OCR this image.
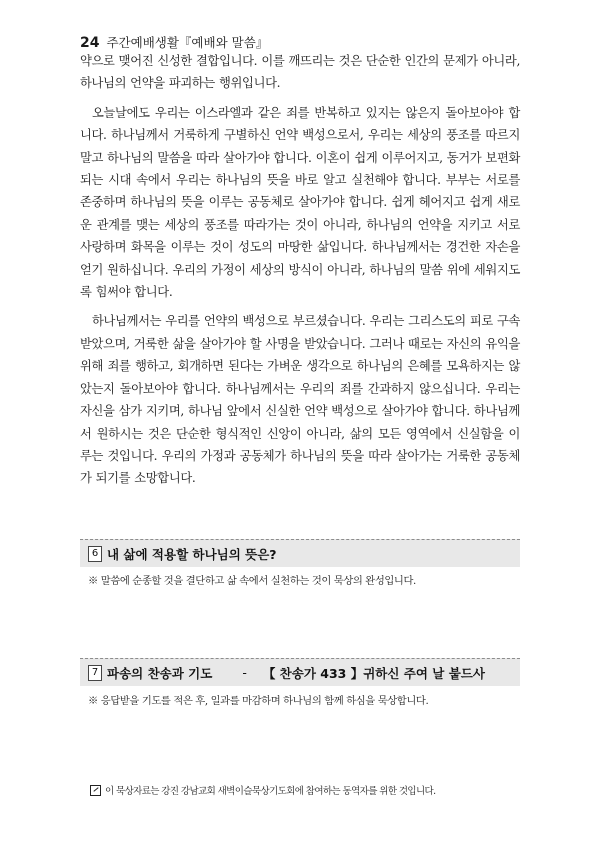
24 주간예배생활『예배와 말씀』

약으로 맺어진 신성한 결합입니다. 이를 깨뜨리는 것은 단순한 인간의 문제가 아니라, 하나님의 언약을 파괴하는 행위입니다.

오늘날에도 우리는 이스라엘과 같은 죄를 반복하고 있지는 않은지 돌아보아야 합니다. 하나님께서 거룩하게 구별하신 언약 백성으로서, 우리는 세상의 풍조를 따르지 말고 하나님의 말씀을 따라 살아가야 합니다. 이혼이 쉽게 이루어지고, 동거가 보편화되는 시대 속에서 우리는 하나님의 뜻을 바로 알고 실천해야 합니다. 부부는 서로를 존중하며 하나님의 뜻을 이루는 공동체로 살아가야 합니다. 쉽게 헤어지고 쉽게 새로운 관계를 맺는 세상의 풍조를 따라가는 것이 아니라, 하나님의 언약을 지키고 서로 사랑하며 화목을 이루는 것이 성도의 마땅한 삶입니다. 하나님께서는 경건한 자손을 얻기 원하십니다. 우리의 가정이 세상의 방식이 아니라, 하나님의 말씀 위에 세워지도록 힘써야 합니다.

하나님께서는 우리를 언약의 백성으로 부르셨습니다. 우리는 그리스도의 피로 구속받았으며, 거룩한 삶을 살아가야 할 사명을 받았습니다. 그러나 때로는 자신의 유익을 위해 죄를 행하고, 회개하면 된다는 가벼운 생각으로 하나님의 은혜를 모욕하지는 않았는지 돌아보아야 합니다. 하나님께서는 우리의 죄를 간과하지 않으십니다. 우리는 자신을 삼가 지키며, 하나님 앞에서 신실한 언약 백성으로 살아가야 합니다. 하나님께서 원하시는 것은 단순한 형식적인 신앙이 아니라, 삶의 모든 영역에서 신실함을 이루는 것입니다. 우리의 가정과 공동체가 하나님의 뜻을 따라 살아가는 거룩한 공동체가 되기를 소망합니다.

6 내 삶에 적용할 하나님의 뜻은?
※ 말씀에 순종할 것을 결단하고 삶 속에서 실천하는 것이 묵상의 완성입니다.
7 파송의 찬송과 기도 - 【 찬송가 433 】귀하신 주여 날 붙드사
※ 응답받을 기도를 적은 후, 일과를 마감하며 하나님의 함께 하심을 묵상합니다.
이 묵상자료는 강진 강남교회 새벽이슬묵상기도회에 참여하는 동역자를 위한 것입니다.
